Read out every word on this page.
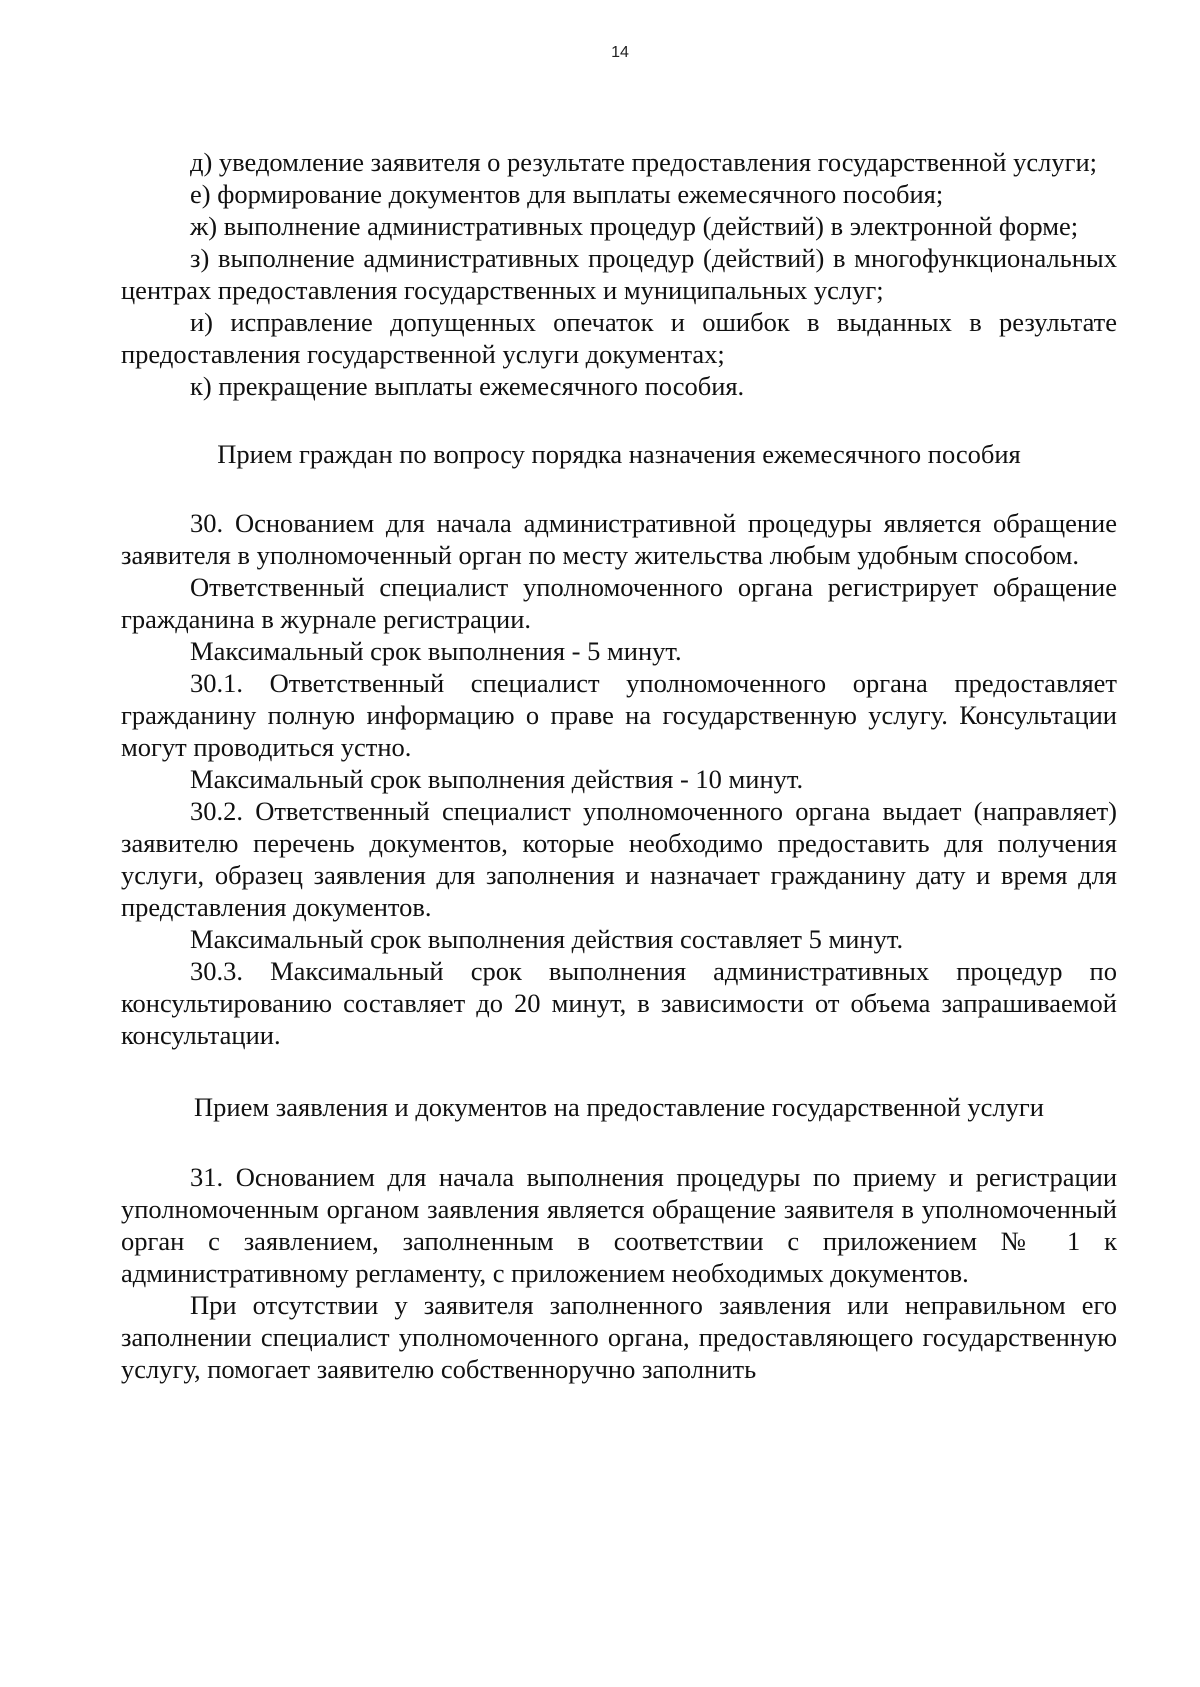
14

д) уведомление заявителя о результате предоставления государственной услуги;

е) формирование документов для выплаты ежемесячного пособия;

ж) выполнение административных процедур (действий) в электронной форме;

з) выполнение административных процедур (действий) в многофункциональных центрах предоставления государственных и муниципальных услуг;

и) исправление допущенных опечаток и ошибок в выданных в результате предоставления государственной услуги документах;

к) прекращение выплаты ежемесячного пособия.

Прием граждан по вопросу порядка назначения ежемесячного пособия

30. Основанием для начала административной процедуры является обращение заявителя в уполномоченный орган по месту жительства любым удобным способом.

Ответственный специалист уполномоченного органа регистрирует обращение гражданина в журнале регистрации.

Максимальный срок выполнения - 5 минут.

30.1. Ответственный специалист уполномоченного органа предоставляет гражданину полную информацию о праве на государственную услугу. Консультации могут проводиться устно.

Максимальный срок выполнения действия - 10 минут.

30.2. Ответственный специалист уполномоченного органа выдает (направляет) заявителю перечень документов, которые необходимо предоставить для получения услуги, образец заявления для заполнения и назначает гражданину дату и время для представления документов.

Максимальный срок выполнения действия составляет 5 минут.

30.3. Максимальный срок выполнения административных процедур по консультированию составляет до 20 минут, в зависимости от объема запрашиваемой консультации.

Прием заявления и документов на предоставление государственной услуги

31. Основанием для начала выполнения процедуры по приему и регистрации уполномоченным органом заявления является обращение заявителя в уполномоченный орган с заявлением, заполненным в соответствии с приложением № 1 к административному регламенту, с приложением необходимых документов.

При отсутствии у заявителя заполненного заявления или неправильном его заполнении специалист уполномоченного органа, предоставляющего государственную услугу, помогает заявителю собственноручно заполнить
